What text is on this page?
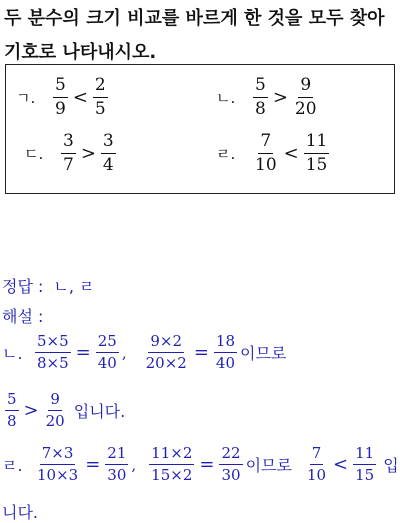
두 분수의 크기 비교를 바르게 한 것을 모두 찾아 기호로 나타내시오.
ㄱ.	$\frac{5}{9} < \frac{2}{5}$	ㄴ.	$\frac{5}{8} > \frac{9}{20}$
ㄷ.	$\frac{3}{7} > \frac{3}{4}$	ㄹ.	$\frac{7}{10} < \frac{11}{15}$
정답 : ㄴ, ㄹ
해설 :
ㄴ. $\frac{5\times 5}{8\times 5} = \frac{25}{40}$ , $\frac{9\times 2}{20\times 2} = \frac{18}{40}$ 이므로
$\frac{5}{8} > \frac{9}{20}$ 입니다.
ㄹ. $\frac{7\times 3}{10\times 3} = \frac{21}{30}$ , $\frac{11\times 2}{15\times 2} = \frac{22}{30}$ 이므로 $\frac{7}{10} < \frac{11}{15}$ 입
니다.
